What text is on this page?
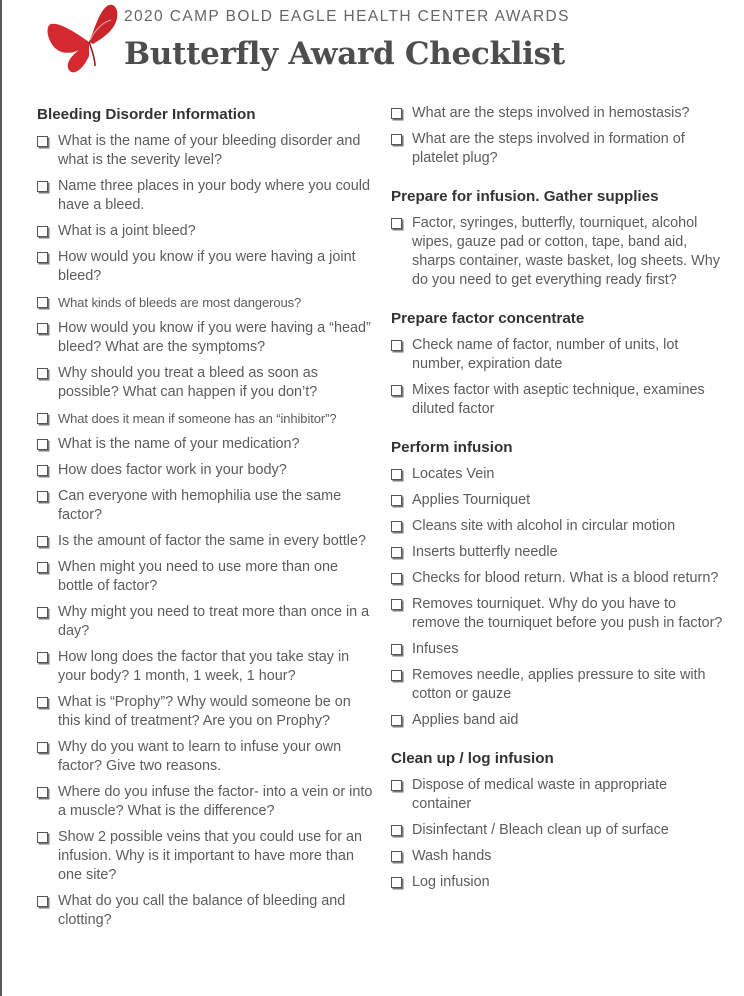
2020 CAMP BOLD EAGLE HEALTH CENTER AWARDS
Butterfly Award Checklist
Bleeding Disorder Information
What is the name of your bleeding disorder and what is the severity level?
Name three places in your body where you could have a bleed.
What is a joint bleed?
How would you know if you were having a joint bleed?
What kinds of bleeds are most dangerous?
How would you know if you were having a “head” bleed? What are the symptoms?
Why should you treat a bleed as soon as possible? What can happen if you don’t?
What does it mean if someone has an “inhibitor”?
What is the name of your medication?
How does factor work in your body?
Can everyone with hemophilia use the same factor?
Is the amount of factor the same in every bottle?
When might you need to use more than one bottle of factor?
Why might you need to treat more than once in a day?
How long does the factor that you take stay in your body? 1 month, 1 week, 1 hour?
What is “Prophy”? Why would someone be on this kind of treatment? Are you on Prophy?
Why do you want to learn to infuse your own factor? Give two reasons.
Where do you infuse the factor- into a vein or into a muscle? What is the difference?
Show 2 possible veins that you could use for an infusion. Why is it important to have more than one site?
What do you call the balance of bleeding and clotting?
What are the steps involved in hemostasis?
What are the steps involved in formation of platelet plug?
Prepare for infusion. Gather supplies
Factor, syringes, butterfly, tourniquet, alcohol wipes, gauze pad or cotton, tape, band aid, sharps container, waste basket, log sheets. Why do you need to get everything ready first?
Prepare factor concentrate
Check name of factor, number of units, lot number, expiration date
Mixes factor with aseptic technique, examines diluted factor
Perform infusion
Locates Vein
Applies Tourniquet
Cleans site with alcohol in circular motion
Inserts butterfly needle
Checks for blood return. What is a blood return?
Removes tourniquet. Why do you have to remove the tourniquet before you push in factor?
Infuses
Removes needle, applies pressure to site with cotton or gauze
Applies band aid
Clean up / log infusion
Dispose of medical waste in appropriate container
Disinfectant / Bleach clean up of surface
Wash hands
Log infusion
